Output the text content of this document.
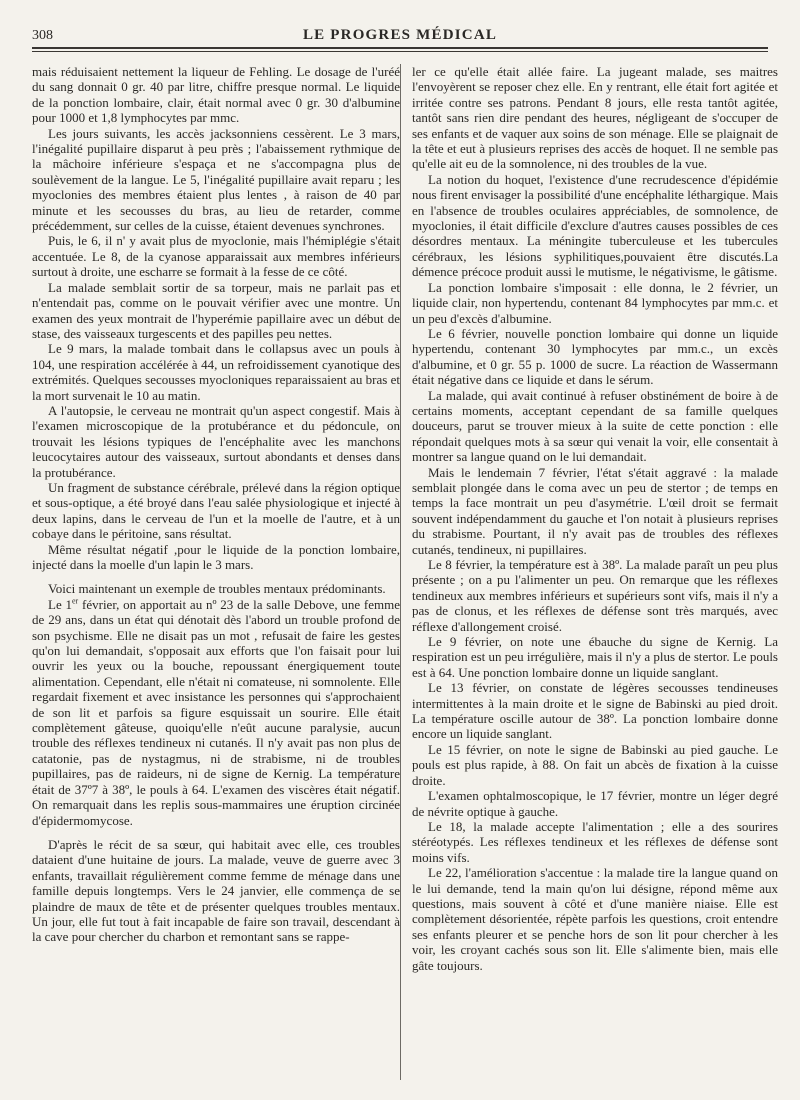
308	LE PROGRES MÉDICAL

mais réduisaient nettement la liqueur de Fehling. Le dosage de l'uréé du sang donnait 0 gr. 40 par litre, chiffre presque normal. Le liquide de la ponction lombaire, clair, était normal avec 0 gr. 30 d'albumine pour 1000 et 1,8 lymphocytes par mmc.

Les jours suivants, les accès jacksonniens cessèrent. Le 3 mars, l'inégalité pupillaire disparut à peu près ; l'abaissement rythmique de la mâchoire inférieure s'espaça et ne s'accompagna plus de soulèvement de la langue. Le 5, l'inégalité pupillaire avait reparu ; les myoclonies des membres étaient plus lentes , à raison de 40 par minute et les secousses du bras, au lieu de retarder, comme précédemment, sur celles de la cuisse, étaient devenues synchrones.

Puis, le 6, il n' y avait plus de myoclonie, mais l'hémiplégie s'était accentuée. Le 8, de la cyanose apparaissait aux membres inférieurs surtout à droite, une escharre se formait à la fesse de ce côté.

La malade semblait sortir de sa torpeur, mais ne parlait pas et n'entendait pas, comme on le pouvait vérifier avec une montre. Un examen des yeux montrait de l'hyperémie papillaire avec un début de stase, des vaisseaux turgescents et des papilles peu nettes.

Le 9 mars, la malade tombait dans le collapsus avec un pouls à 104, une respiration accélérée à 44, un refroidissement cyanotique des extrémités. Quelques secousses myocloniques reparaissaient au bras et la mort survenait le 10 au matin.

A l'autopsie, le cerveau ne montrait qu'un aspect congestif. Mais à l'examen microscopique de la protubérance et du pédoncule, on trouvait les lésions typiques de l'encéphalite avec les manchons leucocytaires autour des vaisseaux, surtout abondants et denses dans la protubérance.

Un fragment de substance cérébrale, prélevé dans la région optique et sous-optique, a été broyé dans l'eau salée physiologique et injecté à deux lapins, dans le cerveau de l'un et la moelle de l'autre, et à un cobaye dans le péritoine, sans résultat.

Même résultat négatif ,pour le liquide de la ponction lombaire, injecté dans la moelle d'un lapin le 3 mars.

Voici maintenant un exemple de troubles mentaux prédominants.

Le 1er février, on apportait au nº 23 de la salle Debove, une femme de 29 ans, dans un état qui dénotait dès l'abord un trouble profond de son psychisme. Elle ne disait pas un mot , refusait de faire les gestes qu'on lui demandait, s'opposait aux efforts que l'on faisait pour lui ouvrir les yeux ou la bouche, repoussant énergiquement toute alimentation. Cependant, elle n'était ni comateuse, ni somnolente. Elle regardait fixement et avec insistance les personnes qui s'approchaient de son lit et parfois sa figure esquissait un sourire. Elle était complètement gâteuse, quoiqu'elle n'eût aucune paralysie, aucun trouble des réflexes tendineux ni cutanés. Il n'y avait pas non plus de catatonie, pas de nystagmus, ni de strabisme, ni de troubles pupillaires, pas de raideurs, ni de signe de Kernig. La température était de 37º7 à 38º, le pouls à 64. L'examen des viscères était négatif. On remarquait dans les replis sous-mammaires une éruption circinée d'épidermomycose.

D'après le récit de sa sœur, qui habitait avec elle, ces troubles dataient d'une huitaine de jours. La malade, veuve de guerre avec 3 enfants, travaillait régulièrement comme femme de ménage dans une famille depuis longtemps. Vers le 24 janvier, elle commença de se plaindre de maux de tête et de présenter quelques troubles mentaux. Un jour, elle fut tout à fait incapable de faire son travail, descendant à la cave pour chercher du charbon et remontant sans se rappe-

ler ce qu'elle était allée faire. La jugeant malade, ses maitres l'envoyèrent se reposer chez elle. En y rentrant, elle était fort agitée et irritée contre ses patrons. Pendant 8 jours, elle resta tantôt agitée, tantôt sans rien dire pendant des heures, négligeant de s'occuper de ses enfants et de vaquer aux soins de son ménage. Elle se plaignait de la tête et eut à plusieurs reprises des accès de hoquet. Il ne semble pas qu'elle ait eu de la somnolence, ni des troubles de la vue.

La notion du hoquet, l'existence d'une recrudescence d'épidémie nous firent envisager la possibilité d'une encéphalite léthargique. Mais en l'absence de troubles oculaires appréciables, de somnolence, de myoclonies, il était difficile d'exclure d'autres causes possibles de ces désordres mentaux. La méningite tuberculeuse et les tubercules cérébraux, les lésions syphilitiques,pouvaient être discutés.La démence précoce produit aussi le mutisme, le négativisme, le gâtisme.

La ponction lombaire s'imposait : elle donna, le 2 février, un liquide clair, non hypertendu, contenant 84 lymphocytes par mm.c. et un peu d'excès d'albumine.

Le 6 février, nouvelle ponction lombaire qui donne un liquide hypertendu, contenant 30 lymphocytes par mm.c., un excès d'albumine, et 0 gr. 55 p. 1000 de sucre. La réaction de Wassermann était négative dans ce liquide et dans le sérum.

La malade, qui avait continué à refuser obstinément de boire à de certains moments, acceptant cependant de sa famille quelques douceurs, parut se trouver mieux à la suite de cette ponction : elle répondait quelques mots à sa sœur qui venait la voir, elle consentait à montrer sa langue quand on le lui demandait.

Mais le lendemain 7 février, l'état s'était aggravé : la malade semblait plongée dans le coma avec un peu de stertor ; de temps en temps la face montrait un peu d'asymétrie. L'œil droit se fermait souvent indépendamment du gauche et l'on notait à plusieurs reprises du strabisme. Pourtant, il n'y avait pas de troubles des réflexes cutanés, tendineux, ni pupillaires.

Le 8 février, la température est à 38º. La malade paraît un peu plus présente ; on a pu l'alimenter un peu. On remarque que les réflexes tendineux aux membres inférieurs et supérieurs sont vifs, mais il n'y a pas de clonus, et les réflexes de défense sont très marqués, avec réflexe d'allongement croisé.

Le 9 février, on note une ébauche du signe de Kernig. La respiration est un peu irrégulière, mais il n'y a plus de stertor. Le pouls est à 64. Une ponction lombaire donne un liquide sanglant.

Le 13 février, on constate de légères secousses tendineuses intermittentes à la main droite et le signe de Babinski au pied droit. La température oscille autour de 38º. La ponction lombaire donne encore un liquide sanglant.

Le 15 février, on note le signe de Babinski au pied gauche. Le pouls est plus rapide, à 88. On fait un abcès de fixation à la cuisse droite.

L'examen ophtalmoscopique, le 17 février, montre un léger degré de névrite optique à gauche.

Le 18, la malade accepte l'alimentation ; elle a des sourires stéréotypés. Les réflexes tendineux et les réflexes de défense sont moins vifs.

Le 22, l'amélioration s'accentue : la malade tire la langue quand on le lui demande, tend la main qu'on lui désigne, répond même aux questions, mais souvent à côté et d'une manière niaise. Elle est complètement désorientée, répète parfois les questions, croit entendre ses enfants pleurer et se penche hors de son lit pour chercher à les voir, les croyant cachés sous son lit. Elle s'alimente bien, mais elle gâte toujours.
